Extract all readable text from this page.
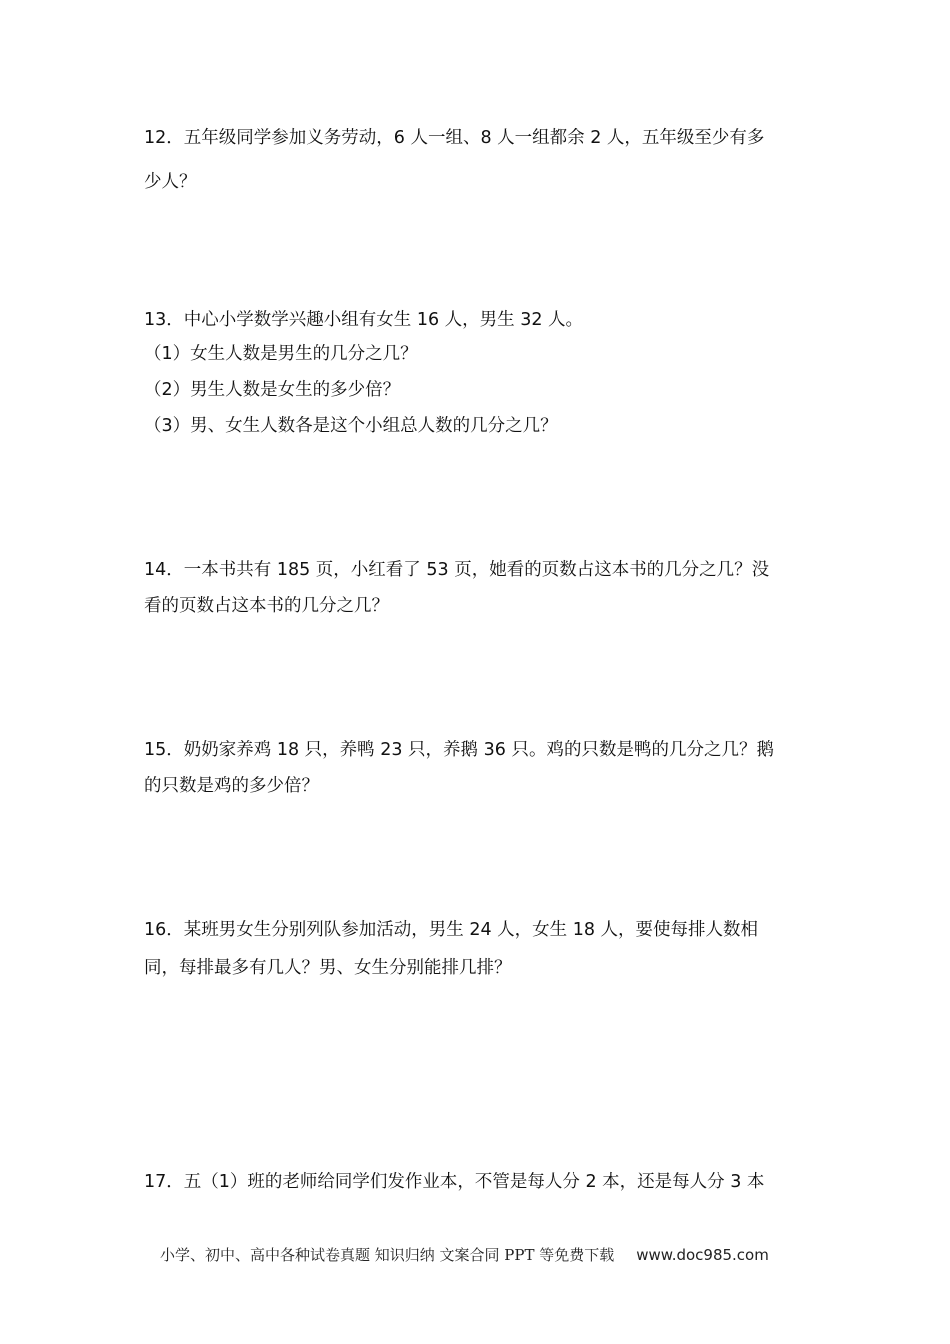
12．五年级同学参加义务劳动，6 人一组、8 人一组都余 2 人，五年级至少有多
少人？
13．中心小学数学兴趣小组有女生 16 人，男生 32 人。
（1）女生人数是男生的几分之几？
（2）男生人数是女生的多少倍？
（3）男、女生人数各是这个小组总人数的几分之几？
14．一本书共有 185 页，小红看了 53 页，她看的页数占这本书的几分之几？没
看的页数占这本书的几分之几？
15．奶奶家养鸡 18 只，养鸭 23 只，养鹅 36 只。鸡的只数是鸭的几分之几？鹅
的只数是鸡的多少倍？
16．某班男女生分别列队参加活动，男生 24 人，女生 18 人，要使每排人数相
同，每排最多有几人？男、女生分别能排几排？
17．五（1）班的老师给同学们发作业本，不管是每人分 2 本，还是每人分 3 本
小学、初中、高中各种试卷真题 知识归纳 文案合同 PPT 等免费下载 www.doc985.com
